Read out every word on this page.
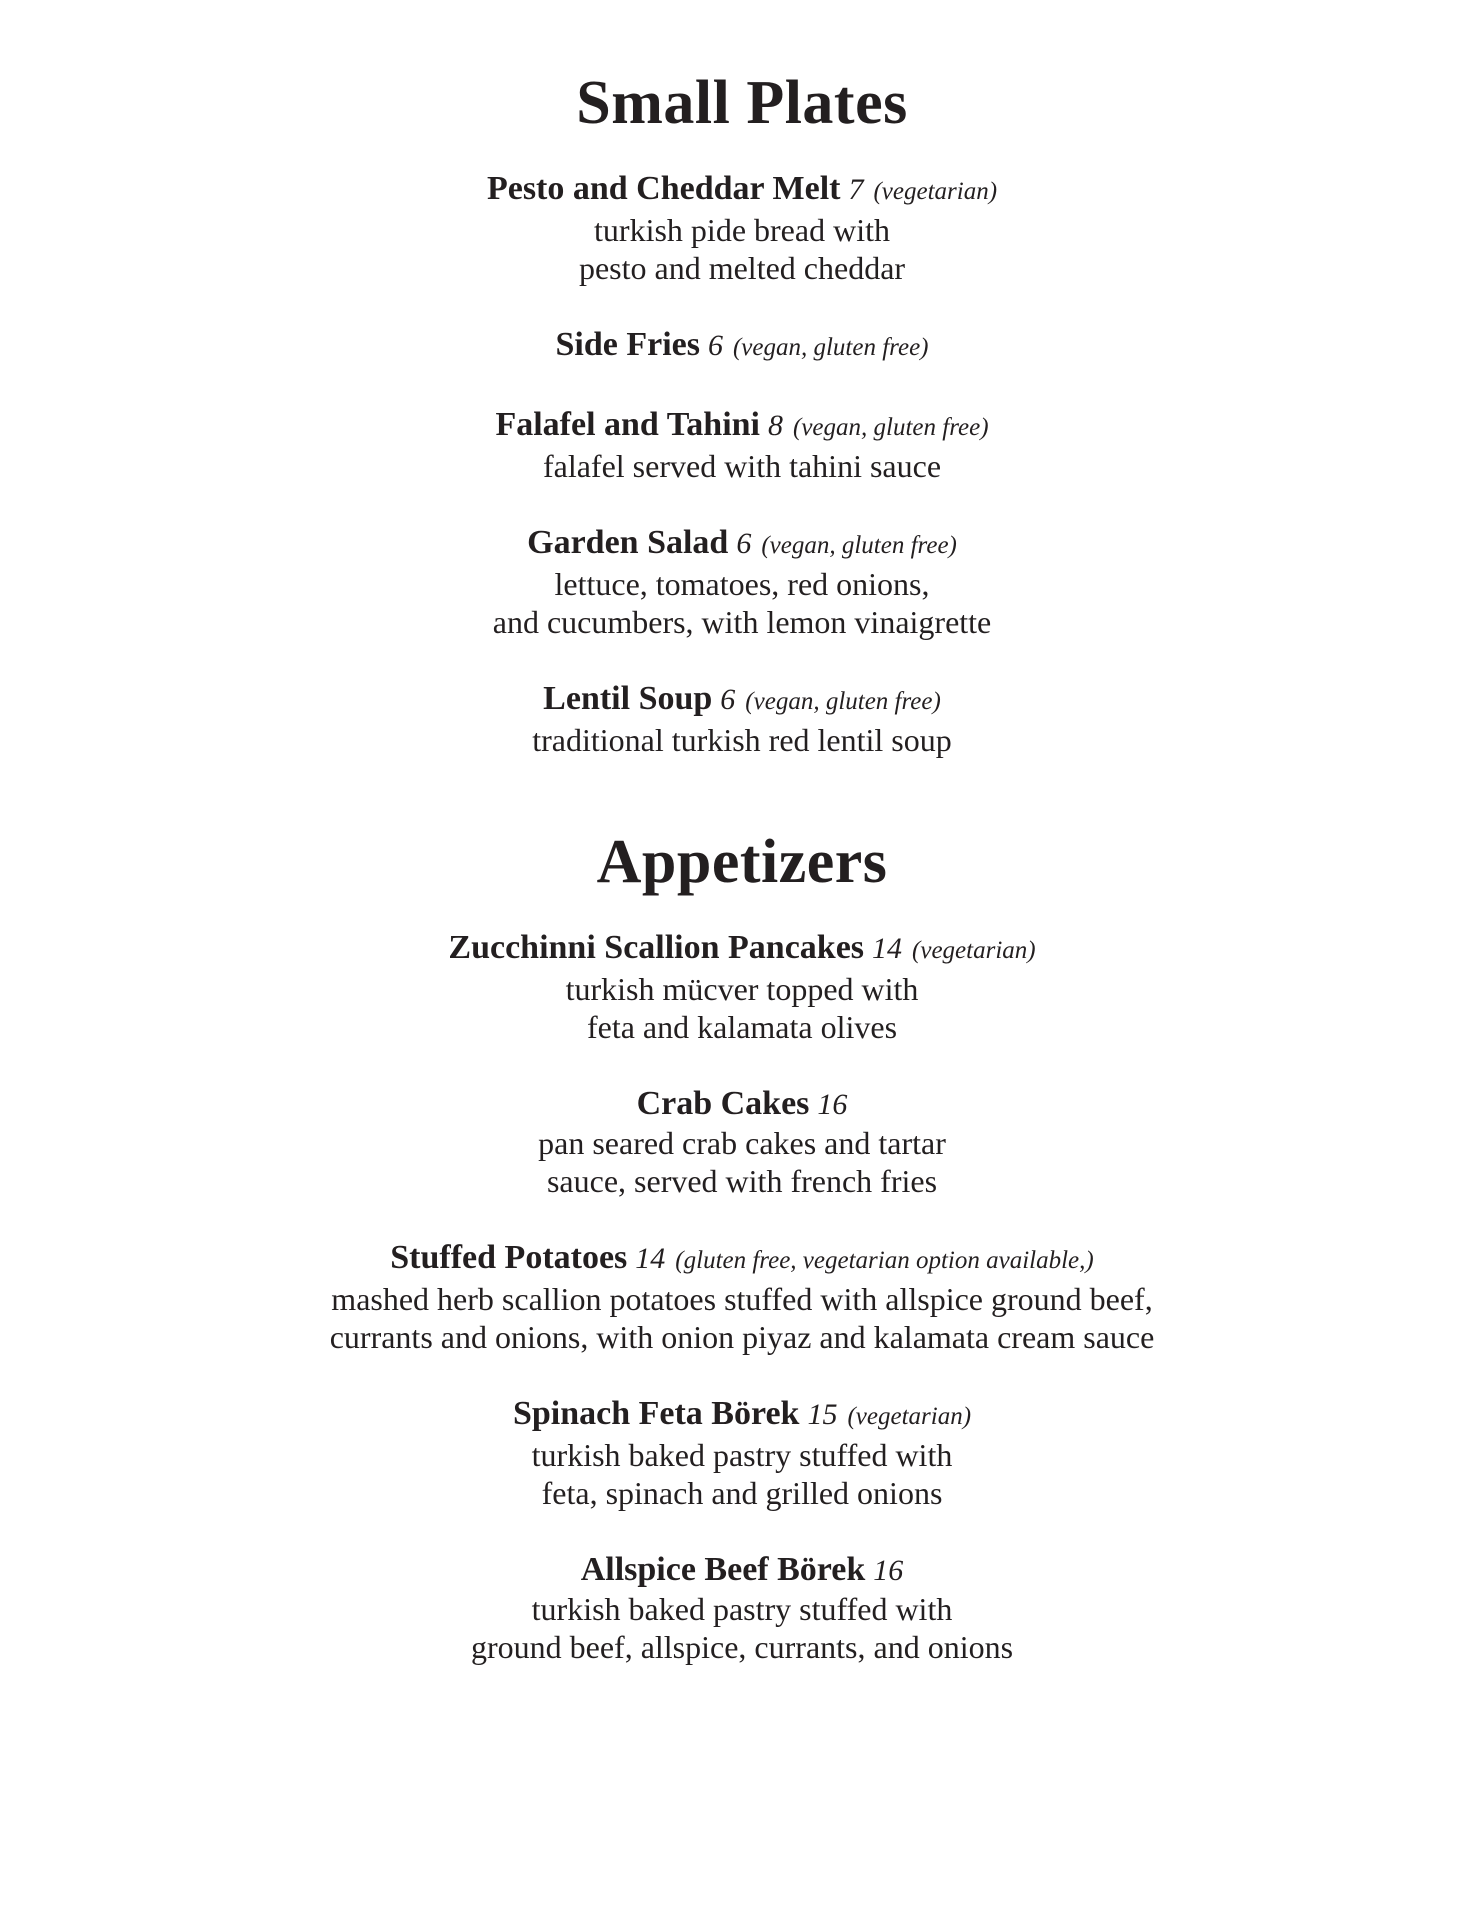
Small Plates
Pesto and Cheddar Melt 7 (vegetarian)
turkish pide bread with
pesto and melted cheddar
Side Fries 6 (vegan, gluten free)
Falafel and Tahini 8 (vegan, gluten free)
falafel served with tahini sauce
Garden Salad 6 (vegan, gluten free)
lettuce, tomatoes, red onions,
and cucumbers, with lemon vinaigrette
Lentil Soup 6 (vegan, gluten free)
traditional turkish red lentil soup
Appetizers
Zucchinni Scallion Pancakes 14 (vegetarian)
turkish mücver topped with
feta and kalamata olives
Crab Cakes 16
pan seared crab cakes and tartar
sauce, served with french fries
Stuffed Potatoes 14 (gluten free, vegetarian option available,)
mashed herb scallion potatoes stuffed with allspice ground beef,
currants and onions, with onion piyaz and kalamata cream sauce
Spinach Feta Börek 15 (vegetarian)
turkish baked pastry stuffed with
feta, spinach and grilled onions
Allspice Beef Börek 16
turkish baked pastry stuffed with
ground beef, allspice, currants, and onions
